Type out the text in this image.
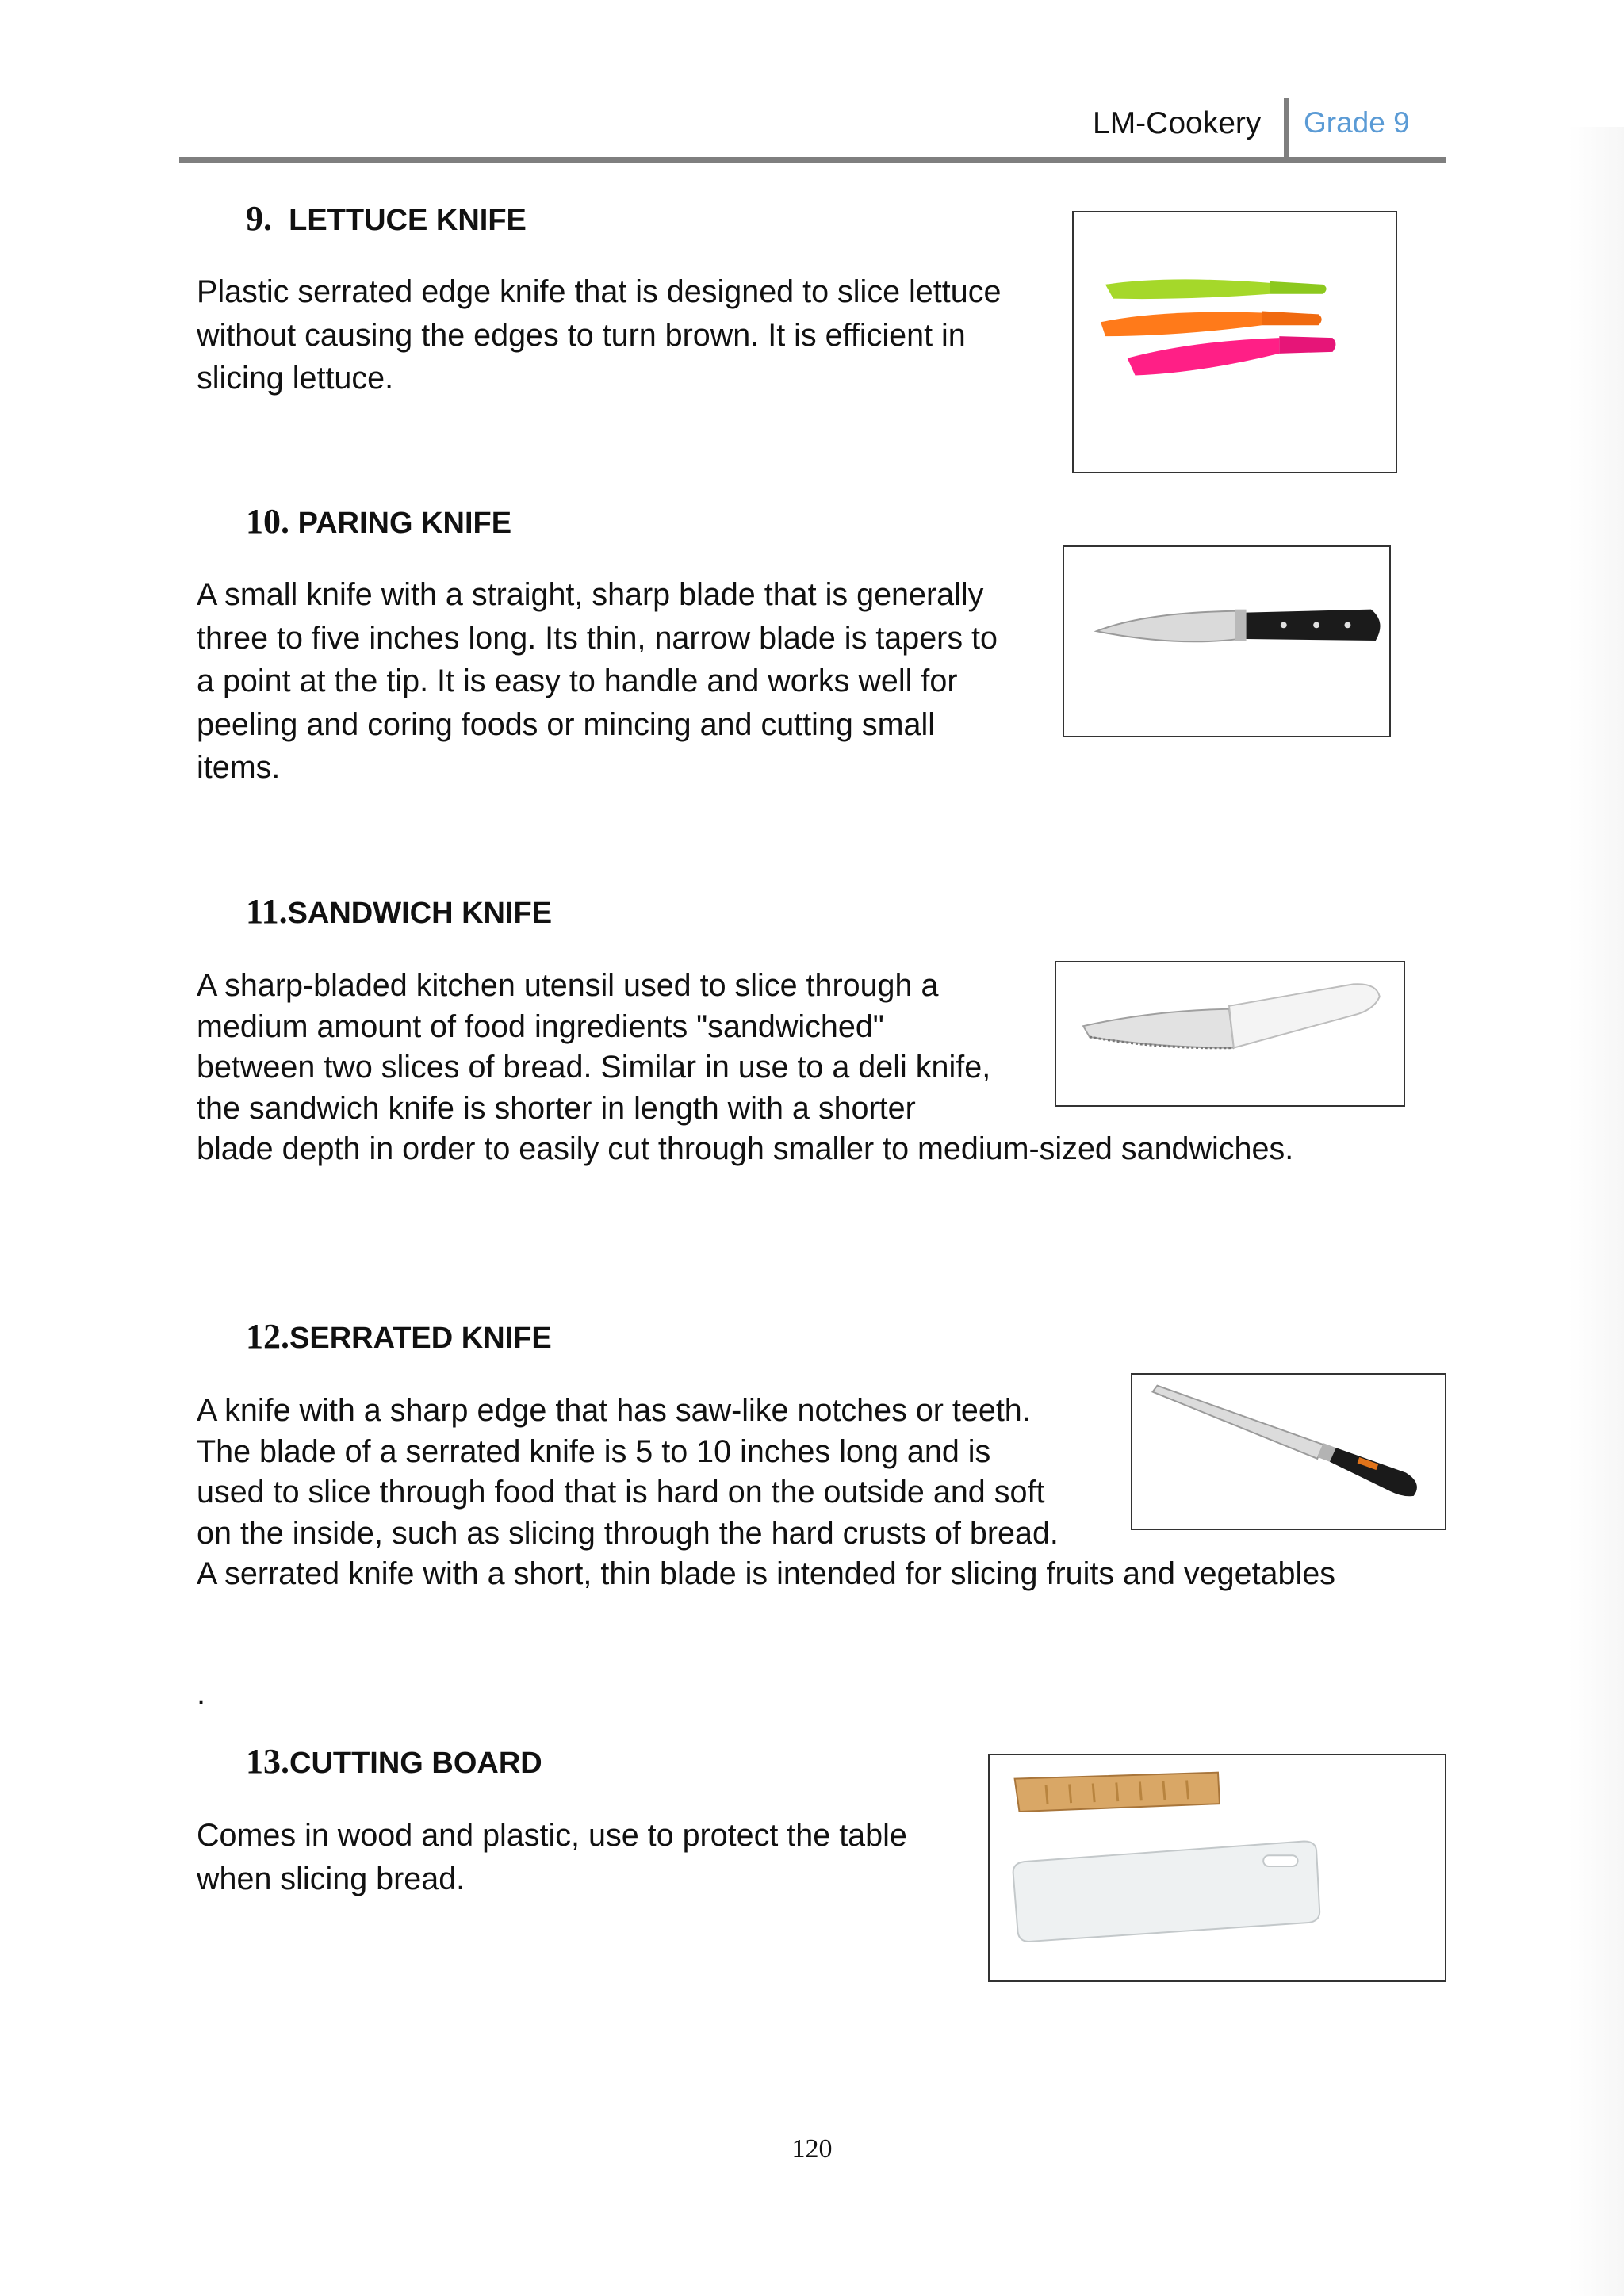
LM-Cookery Grade 9
9. LETTUCE KNIFE
Plastic serrated edge knife that is designed to slice lettuce
without causing the edges to turn brown. It is efficient in
slicing lettuce.
10. PARING KNIFE
A small knife with a straight, sharp blade that is generally
three to five inches long. Its thin, narrow blade is tapers to
a point at the tip. It is easy to handle and works well for
peeling and coring foods or mincing and cutting small
items.
11.SANDWICH KNIFE
A sharp-bladed kitchen utensil used to slice through a
medium amount of food ingredients "sandwiched"
between two slices of bread. Similar in use to a deli knife,
the sandwich knife is shorter in length with a shorter
blade depth in order to easily cut through smaller to medium-sized sandwiches.
12.SERRATED KNIFE
A knife with a sharp edge that has saw-like notches or teeth.
The blade of a serrated knife is 5 to 10 inches long and is
used to slice through food that is hard on the outside and soft
on the inside, such as slicing through the hard crusts of bread.
A serrated knife with a short, thin blade is intended for slicing fruits and vegetables
.
13.CUTTING BOARD
Comes in wood and plastic, use to protect the table
when slicing bread.
120
